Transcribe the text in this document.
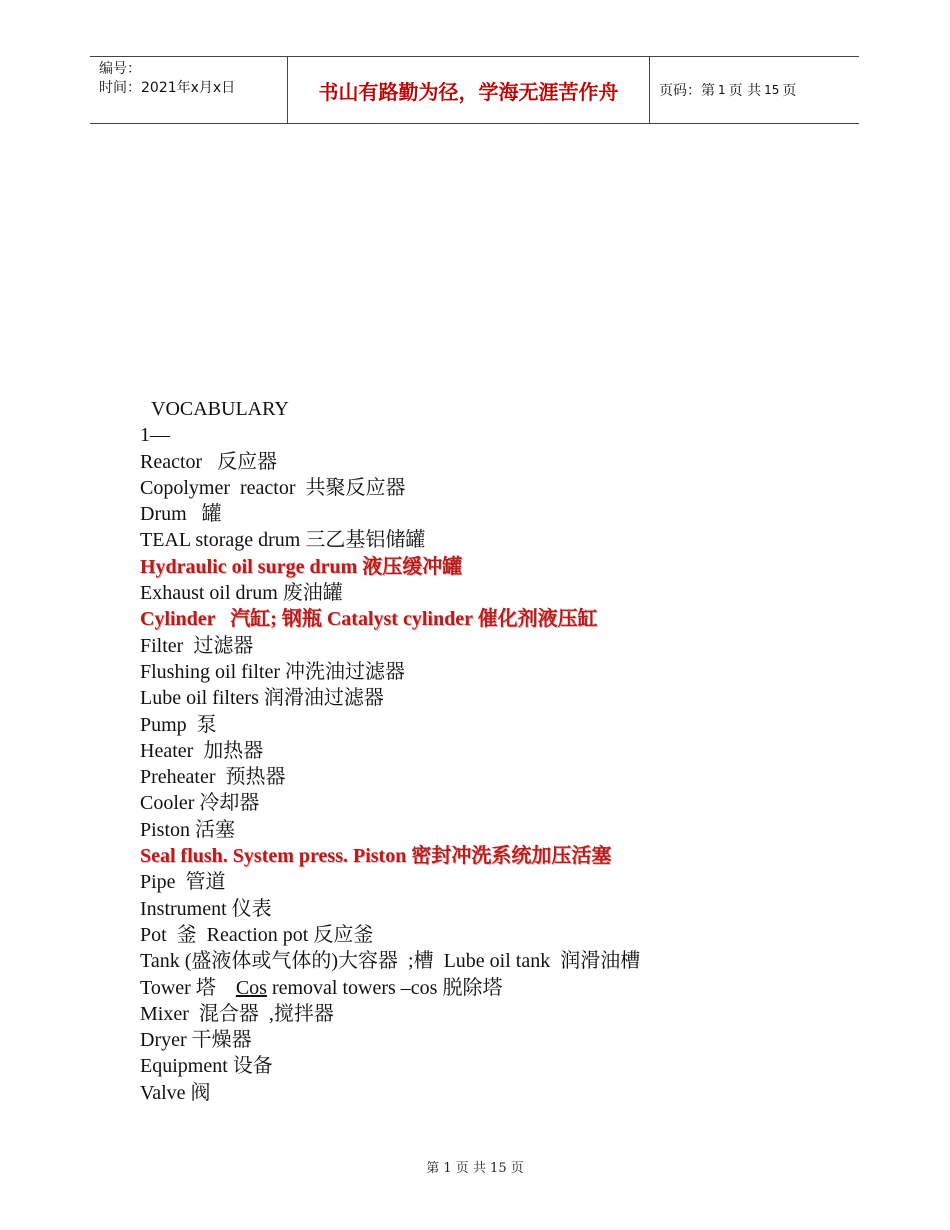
编号：
时间：2021年x月x日	书山有路勤为径，学海无涯苦作舟	页码：第 1 页 共 15 页
VOCABULARY
1—
Reactor   反应器
Copolymer  reactor  共聚反应器
Drum   罐
TEAL storage drum 三乙基铝储罐
Hydraulic oil surge drum 液压缓冲罐
Exhaust oil drum 废油罐
Cylinder   汽缸; 钢瓶 Catalyst cylinder 催化剂液压缸
Filter  过滤器
Flushing oil filter 冲洗油过滤器
Lube oil filters 润滑油过滤器
Pump  泵
Heater  加热器
Preheater  预热器
Cooler 冷却器
Piston 活塞
Seal flush. System press. Piston 密封冲洗系统加压活塞
Pipe  管道
Instrument 仪表
Pot  釜  Reaction pot 反应釜
Tank (盛液体或气体的)大容器  ;槽  Lube oil tank  润滑油槽
Tower 塔    Cos removal towers –cos 脱除塔
Mixer  混合器  ,搅拌器
Dryer 干燥器
Equipment 设备
Valve 阀
第 1 页 共 15 页
